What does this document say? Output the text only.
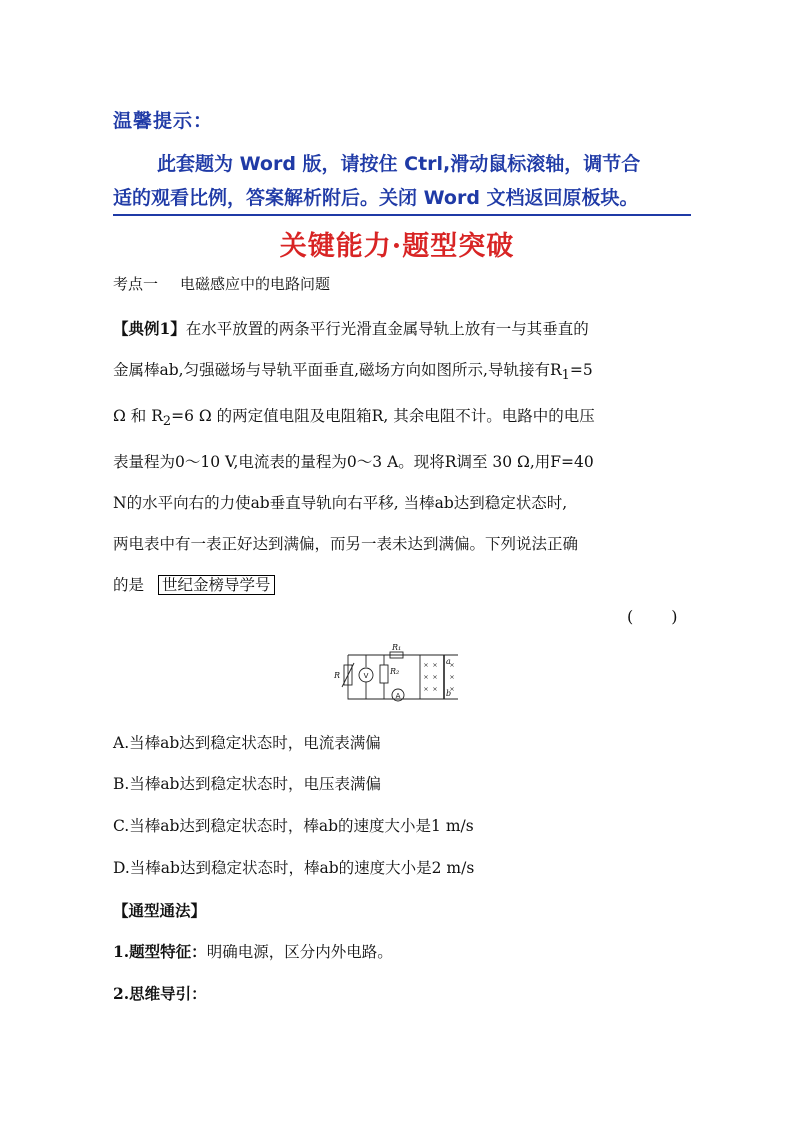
温馨提示：
此套题为 Word 版，请按住 Ctrl,滑动鼠标滚轴，调节合
适的观看比例，答案解析附后。关闭 Word 文档返回原板块。
关键能力·题型突破
考点一 电磁感应中的电路问题
【典例1】在水平放置的两条平行光滑直金属导轨上放有一与其垂直的
金属棒ab,匀强磁场与导轨平面垂直,磁场方向如图所示,导轨接有$R_1=5$
Ω 和 $R_2=6$ Ω 的两定值电阻及电阻箱R, 其余电阻不计。电路中的电压
表量程为0～10 V,电流表的量程为0～3 A。现将R调至 30 Ω,用F=40
N的水平向右的力使ab垂直导轨向右平移, 当棒ab达到稳定状态时,
两电表中有一表正好达到满偏，而另一表未达到满偏。下列说法正确
的是 世纪金榜导学号
(　　)
× × ×
× × ×
× × ×
R₁
R₂
R
a
b
V
A
A.当棒ab达到稳定状态时，电流表满偏
B.当棒ab达到稳定状态时，电压表满偏
C.当棒ab达到稳定状态时，棒ab的速度大小是1 m/s
D.当棒ab达到稳定状态时，棒ab的速度大小是2 m/s
【通型通法】
1.题型特征：明确电源，区分内外电路。
2.思维导引：
